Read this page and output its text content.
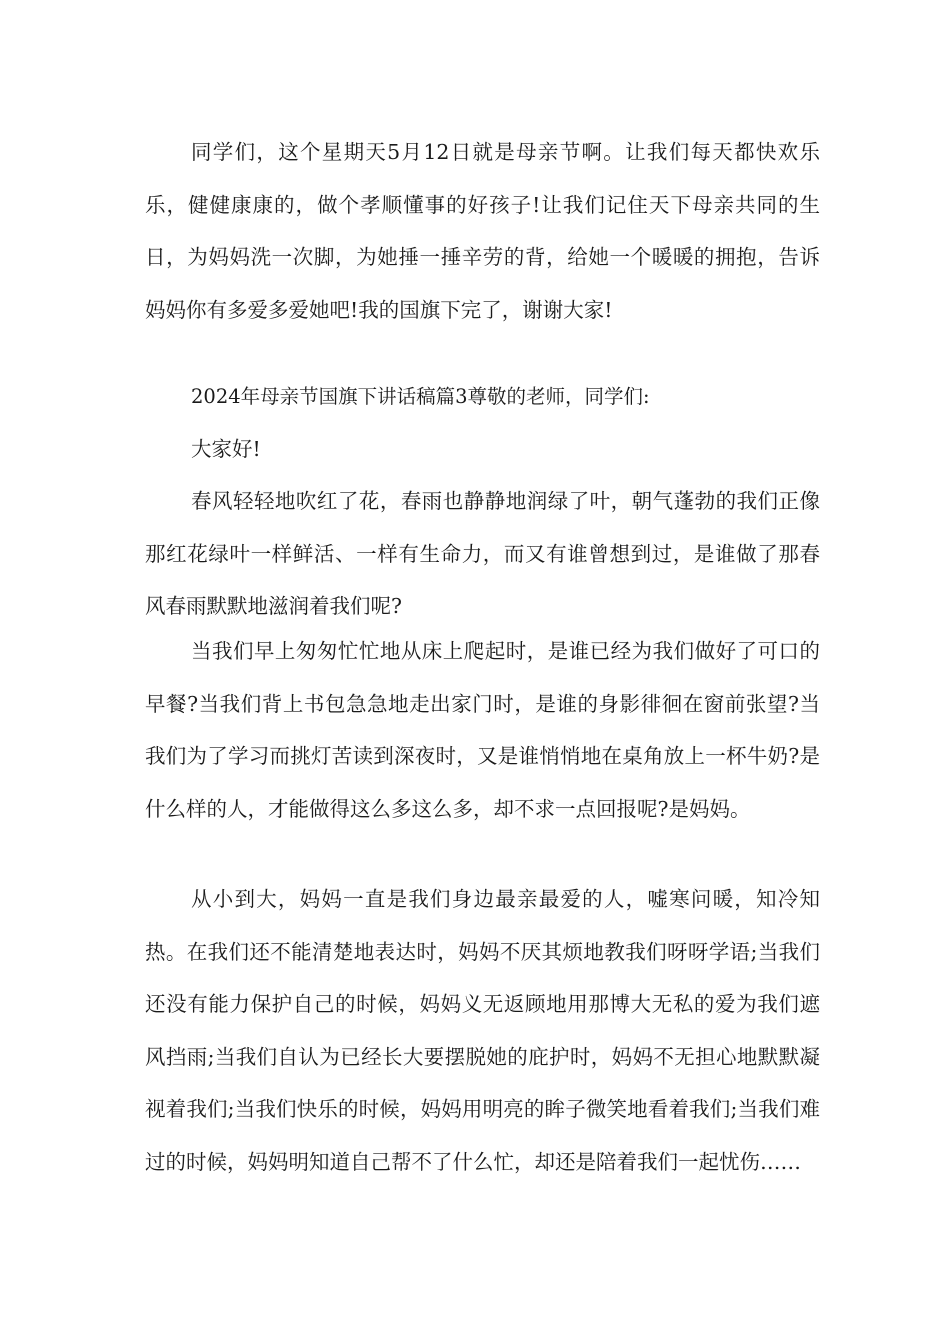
同学们，这个星期天5月12日就是母亲节啊。让我们每天都快欢乐乐，健健康康的，做个孝顺懂事的好孩子!让我们记住天下母亲共同的生日，为妈妈洗一次脚，为她捶一捶辛劳的背，给她一个暖暖的拥抱，告诉妈妈你有多爱多爱她吧!我的国旗下完了，谢谢大家!

2024年母亲节国旗下讲话稿篇3尊敬的老师，同学们:

大家好!

春风轻轻地吹红了花，春雨也静静地润绿了叶，朝气蓬勃的我们正像那红花绿叶一样鲜活、一样有生命力，而又有谁曾想到过，是谁做了那春风春雨默默地滋润着我们呢?

当我们早上匆匆忙忙地从床上爬起时，是谁已经为我们做好了可口的早餐?当我们背上书包急急地走出家门时，是谁的身影徘徊在窗前张望?当我们为了学习而挑灯苦读到深夜时，又是谁悄悄地在桌角放上一杯牛奶?是什么样的人，才能做得这么多这么多，却不求一点回报呢?是妈妈。

从小到大，妈妈一直是我们身边最亲最爱的人，嘘寒问暖，知冷知热。在我们还不能清楚地表达时，妈妈不厌其烦地教我们呀呀学语;当我们还没有能力保护自己的时候，妈妈义无返顾地用那博大无私的爱为我们遮风挡雨;当我们自认为已经长大要摆脱她的庇护时，妈妈不无担心地默默凝视着我们;当我们快乐的时候，妈妈用明亮的眸子微笑地看着我们;当我们难过的时候，妈妈明知道自己帮不了什么忙，却还是陪着我们一起忧伤……
